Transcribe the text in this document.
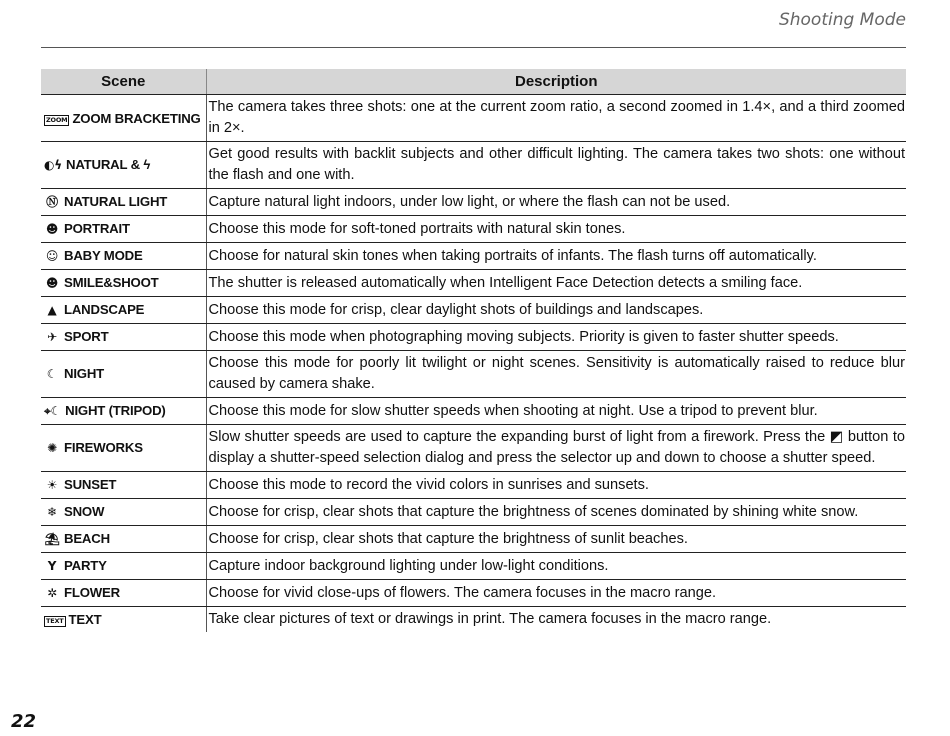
Shooting Mode
Scene	Description
ZOOM ZOOM BRACKETING	The camera takes three shots: one at the current zoom ratio, a second zoomed in 1.4×, and a third zoomed in 2×.
◐ϟ NATURAL & ϟ	Get good results with backlit subjects and other difficult lighting. The camera takes two shots: one without the flash and one with.
Ⓝ NATURAL LIGHT	Capture natural light indoors, under low light, or where the flash can not be used.
☻ PORTRAIT	Choose this mode for soft-toned portraits with natural skin tones.
☺ BABY MODE	Choose for natural skin tones when taking portraits of infants. The flash turns off automatically.
☻ SMILE&SHOOT	The shutter is released automatically when Intelligent Face Detection detects a smiling face.
▲ LANDSCAPE	Choose this mode for crisp, clear daylight shots of buildings and landscapes.
✈ SPORT	Choose this mode when photographing moving subjects. Priority is given to faster shutter speeds.
☾ NIGHT	Choose this mode for poorly lit twilight or night scenes. Sensitivity is automatically raised to reduce blur caused by camera shake.
⌖☾ NIGHT (TRIPOD)	Choose this mode for slow shutter speeds when shooting at night. Use a tripod to prevent blur.
✺ FIREWORKS	Slow shutter speeds are used to capture the expanding burst of light from a firework. Press the ◩ button to display a shutter-speed selection dialog and press the selector up and down to choose a shutter speed.
☀ SUNSET	Choose this mode to record the vivid colors in sunrises and sunsets.
❄ SNOW	Choose for crisp, clear shots that capture the brightness of scenes dominated by shining white snow.
⛱ BEACH	Choose for crisp, clear shots that capture the brightness of sunlit beaches.
Y PARTY	Capture indoor background lighting under low-light conditions.
✲ FLOWER	Choose for vivid close-ups of flowers. The camera focuses in the macro range.
TEXT TEXT	Take clear pictures of text or drawings in print. The camera focuses in the macro range.
22
